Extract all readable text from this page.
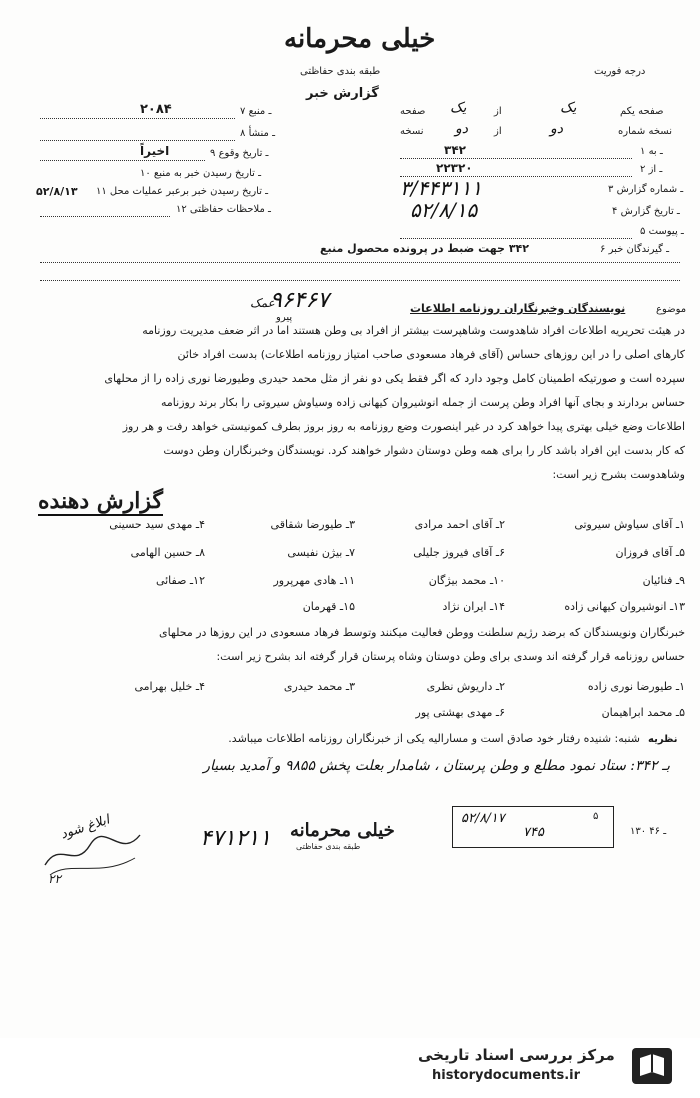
خیلی محرمانه
درجه فوریت
طبقه بندی حفاظتی
گزارش خبر
صفحه یکم
یک
از
یک
صفحه
نسخه شماره
دو
از
دو
نسخه
۱ ـ به
۳۴۲
۲ ـ از
۲۲۳۲۰
۳ ـ شماره گزارش
۳/۴۴۳۱۱۱
۴ ـ تاریخ گزارش
۵۲/۸/۱۵
۵ ـ پیوست
۶ ـ گیرندگان خبر
۳۴۲ جهت ضبط در پرونده محصول منبع
۷ ـ منبع
۲۰۸۴
۸ ـ منشأ
۹ ـ تاریخ وقوع
اخیراً
۱۰ ـ تاریخ رسیدن خبر به منبع
۱۱ ـ تاریخ رسیدن خبر برعبر عملیات محل
۵۲/۸/۱۳
۱۲ ـ ملاحظات حفاظتی
۹۶۴۶۷
عمک	موضوع
نویسندگان وخبرنگاران روزنامه اطلاعات
پیرو
در هیئت تحریریه اطلاعات افراد شاهدوست وشاهپرست بیشتر از افراد بی وطن هستند اما در اثر ضعف مدیریت روزنامه
کارهای اصلی را در این روزهای حساس (آقای فرهاد مسعودی صاحب امتیاز روزنامه اطلاعات) بدست افراد خائن
سپرده است و صورتیکه اطمینان کامل وجود دارد که اگر فقط یکی دو نفر از مثل محمد حیدری وطیورضا نوری زاده را از محلهای
حساس بردارند و بجای آنها افراد وطن پرست از جمله انوشیروان کیهانی زاده وسیاوش سیروتی را بکار برند روزنامه
اطلاعات وضع خیلی بهتری پیدا خواهد کرد در غیر اینصورت وضع روزنامه به روز بروز بطرف کمونیستی خواهد رفت و هر روز
که کار بدست این افراد باشد کار را برای همه وطن دوستان دشوار خواهند کرد. نویسندگان وخبرنگاران وطن دوست
وشاهدوست بشرح زیر است:
گزارش دهنده
۱ـ آقای سیاوش سیروتی
۲ـ آقای احمد مرادی
۳ـ طیورضا شقاقی
۴ـ مهدی سید حسینی
۵ـ آقای فروزان
۶ـ آقای فیروز جلیلی
۷ـ بیژن نفیسی
۸ـ حسین الهامی
۹ـ فنائیان
۱۰ـ محمد بیژگان
۱۱ـ هادی مهرپرور
۱۲ـ صفائی
۱۳ـ انوشیروان کیهانی زاده
۱۴ـ ایران نژاد
۱۵ـ قهرمان
خبرنگاران ونویسندگان که برضد رژیم سلطنت ووطن فعالیت میکنند وتوسط فرهاد مسعودی در این روزها در محلهای
حساس روزنامه قرار گرفته اند وسدی برای وطن دوستان وشاه پرستان قرار گرفته اند بشرح زیر است:
۱ـ طیورضا نوری زاده
۲ـ داریوش نظری
۳ـ محمد حیدری
۴ـ خلیل بهرامی
۵ـ محمد ابراهیمان
۶ـ مهدی بهشتی پور
نظریه
شنبه: شنیده رفتار خود صادق است و مسارالیه یکی از خبرنگاران روزنامه اطلاعات میباشد.
بـ ۳۴۲: ستاد نمود مطلع و وطن پرستان ، شامدار بعلت پخش ۹۸۵۵ و آمدید بسیار
ابلاغ شود
۲۲
۴۷۱۲۱۱ خیلی محرمانه
طبقه بندی حفاظتی
۵۲/۸/۱۷
۷۴۵
۵
۱۳۰ ـ ۴۶
مرکز بررسی اسناد تاریخی
historydocuments.ir
